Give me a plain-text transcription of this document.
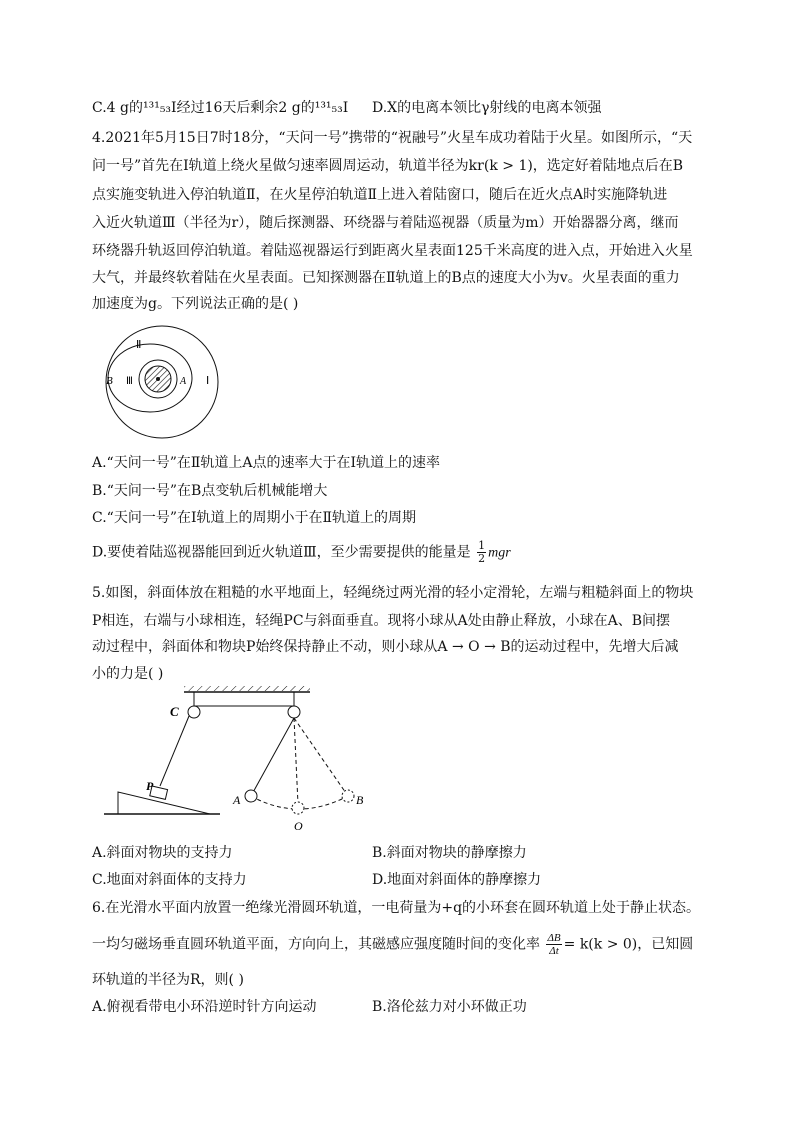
C.4 g的¹³¹₅₃I经过16天后剩余2 g的¹³¹₅₃I D.X的电离本领比γ射线的电离本领强
4.2021年5月15日7时18分，“天问一号”携带的“祝融号”火星车成功着陆于火星。如图所示，“天
问一号”首先在Ⅰ轨道上绕火星做匀速率圆周运动，轨道半径为kr(k > 1)，选定好着陆地点后在B
点实施变轨进入停泊轨道Ⅱ，在火星停泊轨道Ⅱ上进入着陆窗口，随后在近火点A时实施降轨进
入近火轨道Ⅲ（半径为r），随后探测器、环绕器与着陆巡视器（质量为m）开始器器分离，继而
环绕器升轨返回停泊轨道。着陆巡视器运行到距离火星表面125千米高度的进入点，开始进入火星
大气，并最终软着陆在火星表面。已知探测器在Ⅱ轨道上的B点的速度大小为v。火星表面的重力
加速度为g。下列说法正确的是( )
Ⅱ
B Ⅲ	A Ⅰ
A.“天问一号”在Ⅱ轨道上A点的速率大于在Ⅰ轨道上的速率
B.“天问一号”在B点变轨后机械能增大
C.“天问一号”在Ⅰ轨道上的周期小于在Ⅱ轨道上的周期
D.要使着陆巡视器能回到近火轨道Ⅲ，至少需要提供的能量是 $\frac{1}{2}$ mgr
5.如图，斜面体放在粗糙的水平地面上，轻绳绕过两光滑的轻小定滑轮，左端与粗糙斜面上的物块
P相连，右端与小球相连，轻绳PC与斜面垂直。现将小球从A处由静止释放，小球在A、B间摆
动过程中，斜面体和物块P始终保持静止不动，则小球从A → O → B的运动过程中，先增大后减
小的力是( )
C
P
A
O
B
A.斜面对物块的支持力	B.斜面对物块的静摩擦力
C.地面对斜面体的支持力	D.地面对斜面体的静摩擦力
6.在光滑水平面内放置一绝缘光滑圆环轨道，一电荷量为+q的小环套在圆环轨道上处于静止状态。
一均匀磁场垂直圆环轨道平面，方向向上，其磁感应强度随时间的变化率 $\frac{\Delta B}{\Delta t} = k(k > 0)$，已知圆
环轨道的半径为R，则( )
A.俯视看带电小环沿逆时针方向运动	B.洛伦兹力对小环做正功
